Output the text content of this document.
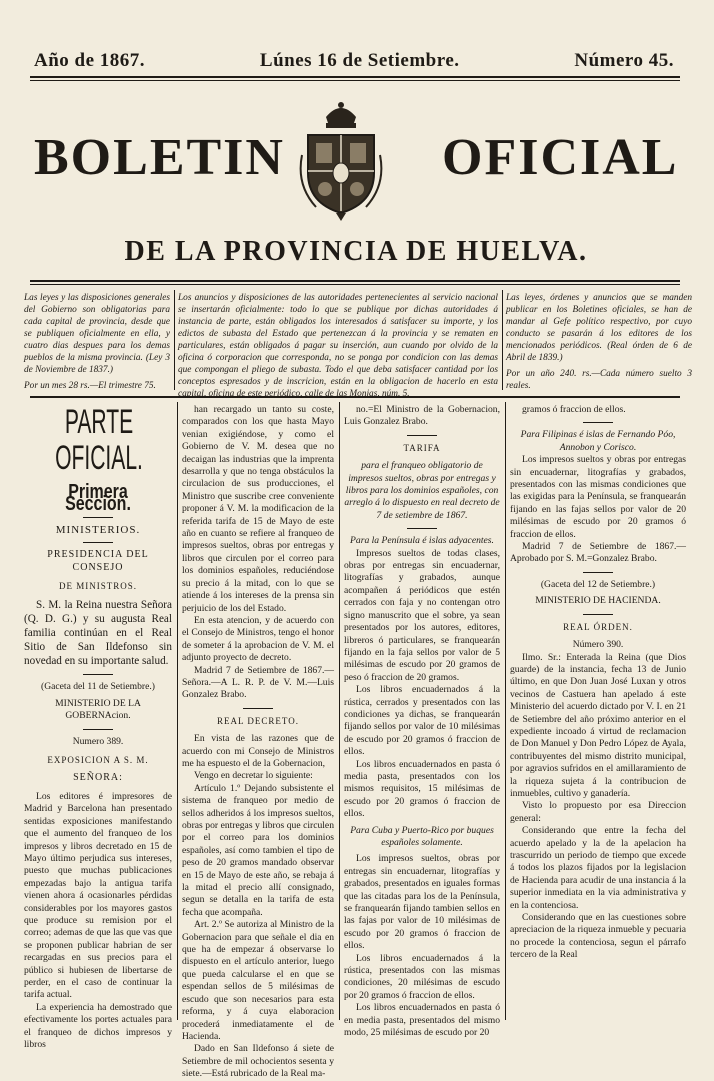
Año de 1867.	Lúnes 16 de Setiembre.	Número 45.
BOLETIN	OFICIAL
DE LA PROVINCIA DE HUELVA.
Las leyes y las disposiciones generales del Gobierno son obligatorias para cada capital de provincia, desde que se publiquen oficialmente en ella, y cuatro dias despues para los demas pueblos de la misma provincia. (Ley 3 de Noviembre de 1837.)
Por un mes 28 rs.—El trimestre 75.
Los anuncios y disposiciones de las autoridades pertenecientes al servicio nacional se insertarán oficialmente: todo lo que se publique por dichas autoridades á instancia de parte, están obligados los interesados á satisfacer su importe, y los edictos de subasta del Estado que pertenezcan á la provincia y se rematen en particulares, están obligados á pagar su inserción, aun cuando por olvido de la oficina ó corporacion que corresponda, no se ponga por condicion con las demas que compongan el pliego de subasta. Todo el que deba satisfacer cantidad por los conceptos espresados y de inscricion, están en la obligacion de hacerlo en esta capital, oficina de este periódico, calle de las Monjas, núm. 5.
Las leyes, órdenes y anuncios que se manden publicar en los Boletines oficiales, se han de mandar al Gefe político respectivo, por cuyo conducto se pasarán á los editores de los mencionados periódicos. (Real órden de 6 de Abril de 1839.)
Por un año 240. rs.—Cada número suelto 3 reales.
PARTE OFICIAL.
Primera Seccion.
MINISTERIOS.
PRESIDENCIA DEL CONSEJO
DE MINISTROS.

S. M. la Reina nuestra Señora (Q. D. G.) y su augusta Real familia continúan en el Real Sitio de San Ildefonso sin novedad en su importante salud.

(Gaceta del 11 de Setiembre.)

MINISTERIO DE LA GOBERNAcion.

Numero 389.

EXPOSICION A S. M.
SEÑORA:

Los editores é impresores de Madrid y Barcelona han presentado sentidas exposiciones manifestando que el aumento del franqueo de los impresos y libros decretado en 15 de Mayo último perjudica sus intereses, puesto que muchas publicaciones empezadas bajo la antigua tarifa vienen ahora á ocasionarles pérdidas considerables por los mayores gastos que produce su remision por el correo; ademas de que las que vas que se proponen publicar habrian de ser recargadas en sus precios para el público si hubiesen de libertarse de perder, en el caso de continuar la tarifa actual.

La experiencia ha demostrado que efectivamente los portes actuales para el franqueo de dichos impresos y libros

han recargado un tanto su coste, comparados con los que hasta Mayo venian exigiéndose, y como el Gobierno de V. M. desea que no decaigan las industrias que la imprenta desarrolla y que no tenga obstáculos la circulacion de sus producciones, el Ministro que suscribe cree conveniente proponer á V. M. la modificacion de la referida tarifa de 15 de Mayo de este año en cuanto se refiere al franqueo de impresos sueltos, obras por entregas y libros que circulen por el correo para los dominios españoles, reduciéndose su precio á la mitad, con lo que se atiende á los intereses de la prensa sin perjuicio de los del Estado.

En esta atencion, y de acuerdo con el Consejo de Ministros, tengo el honor de someter á la aprobacion de V. M. el adjunto proyecto de decreto.

Madrid 7 de Setiembre de 1867.—Señora.—A L. R. P. de V. M.—Luis Gonzalez Brabo.

REAL DECRETO.

En vista de las razones que de acuerdo con mi Consejo de Ministros me ha espuesto el de la Gobernacion,

Vengo en decretar lo siguiente:

Artículo 1.º Dejando subsistente el sistema de franqueo por medio de sellos adheridos á los impresos sueltos, obras por entregas y libros que circulen por el correo para los dominios españoles, así como tambien el tipo de peso de 20 gramos mandado observar en 15 de Mayo de este año, se rebaja á la mitad el precio allí consignado, segun se detalla en la tarifa de esta fecha que acompaña.

Art. 2.º Se autoriza al Ministro de la Gobernacion para que señale el dia en que ha de empezar á observarse lo dispuesto en el artículo anterior, luego que pueda calcularse el en que se espendan sellos de 5 milésimas de escudo que son necesarios para esta reforma, y á cuya elaboracion procederá inmediatamente el de Hacienda.

Dado en San Ildefonso á siete de Setiembre de mil ochocientos sesenta y siete.—Está rubricado de la Real ma-

no.=El Ministro de la Gobernacion, Luis Gonzalez Brabo.

TARIFA

para el franqueo obligatorio de impresos sueltos, obras por entregas y libros para los dominios españoles, con arreglo á lo dispuesto en real decreto de 7 de setiembre de 1867.

Para la Península é islas adyacentes.

Impresos sueltos de todas clases, obras por entregas sin encuadernar, litografías y grabados, aunque acompañen á periódicos que estén cerrados con faja y no contengan otro signo manuscrito que el sobre, ya sean presentados por los autores, editores, libreros ó particulares, se franquearán fijando en la faja sellos por valor de 5 milésimas de escudo por 20 gramos de peso ó fraccion de 20 gramos.

Los libros encuadernados á la rústica, cerrados y presentados con las condiciones ya dichas, se franquearán fijando sellos por valor de 10 milésimas de escudo por 20 gramos ó fraccion de ellos.

Los libros encuadernados en pasta ó media pasta, presentados con los mismos requisitos, 15 milésimas de escudo por 20 gramos ó fraccion de ellos.

Para Cuba y Puerto-Rico por buques españoles solamente.

Los impresos sueltos, obras por entregas sin encuadernar, litografías y grabados, presentados en iguales formas que las citadas para los de la Península, se franquearán fijando tambien sellos en las fajas por valor de 10 milésimas de escudo por 20 gramos ó fraccion de ellos.

Los libros encuadernados á la rústica, presentados con las mismas condiciones, 20 milésimas de escudo por 20 gramos ó fraccion de ellos.

Los libros encuadernados en pasta ó en media pasta, presentados del mismo modo, 25 milésimas de escudo por 20

gramos ó fraccion de ellos.

Para Filipinas é islas de Fernando Póo, Annobon y Corisco.

Los impresos sueltos y obras por entregas sin encuadernar, litografías y grabados, presentados con las mismas condiciones que las exigidas para la Península, se franquearán fijando en las fajas sellos por valor de 20 milésimas de escudo por 20 gramos ó fraccion de ellos.

Madrid 7 de Setiembre de 1867.—Aprobado por S. M.=Gonzalez Brabo.

(Gaceta del 12 de Setiembre.)

MINISTERIO DE HACIENDA.

REAL ÓRDEN.

Número 390.

Ilmo. Sr.: Enterada la Reina (que Dios guarde) de la instancia, fecha 13 de Junio último, en que Don Juan José Luxan y otros vecinos de Castuera han apelado á este Ministerio del acuerdo dictado por V. I. en 21 de Setiembre del año próximo anterior en el expediente incoado á virtud de reclamacion de Don Manuel y Don Pedro López de Ayala, contribuyentes del mismo distrito municipal, por agravios sufridos en el amillaramiento de la riqueza sujeta á la contribucion de inmuebles, cultivo y ganadería.

Visto lo propuesto por esa Direccion general:

Considerando que entre la fecha del acuerdo apelado y la de la apelacion ha trascurrido un periodo de tiempo que excede á todos los plazos fijados por la legislacion de Hacienda para acudir de una instancia á la superior inmediata en la via administrativa y en la contenciosa.

Considerando que en las cuestiones sobre apreciacion de la riqueza inmueble y pecuaria no procede la contenciosa, segun el párrafo tercero de la Real
